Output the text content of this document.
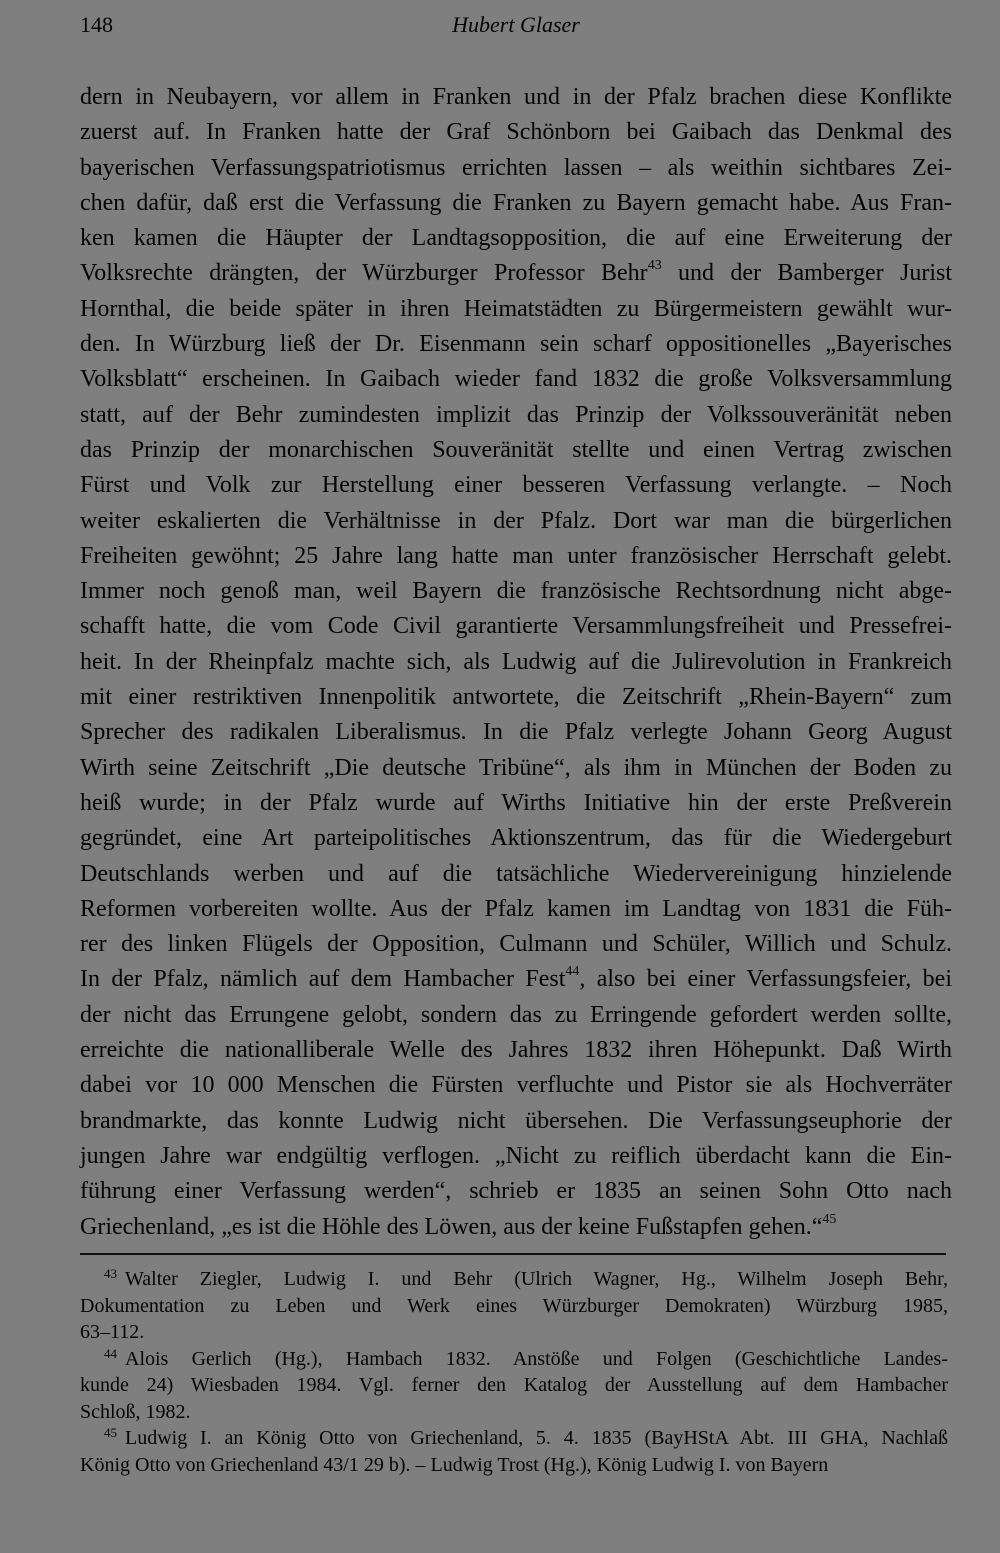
148	Hubert Glaser
dern in Neubayern, vor allem in Franken und in der Pfalz brachen diese Konflikte
zuerst auf. In Franken hatte der Graf Schönborn bei Gaibach das Denkmal des
bayerischen Verfassungspatriotismus errichten lassen – als weithin sichtbares Zei-
chen dafür, daß erst die Verfassung die Franken zu Bayern gemacht habe. Aus Fran-
ken kamen die Häupter der Landtagsopposition, die auf eine Erweiterung der
Volksrechte drängten, der Würzburger Professor Behr$^{43}$ und der Bamberger Jurist
Hornthal, die beide später in ihren Heimatstädten zu Bürgermeistern gewählt wur-
den. In Würzburg ließ der Dr. Eisenmann sein scharf oppositionelles „Bayerisches
Volksblatt“ erscheinen. In Gaibach wieder fand 1832 die große Volksversammlung
statt, auf der Behr zumindesten implizit das Prinzip der Volkssouveränität neben
das Prinzip der monarchischen Souveränität stellte und einen Vertrag zwischen
Fürst und Volk zur Herstellung einer besseren Verfassung verlangte. – Noch
weiter eskalierten die Verhältnisse in der Pfalz. Dort war man die bürgerlichen
Freiheiten gewöhnt; 25 Jahre lang hatte man unter französischer Herrschaft gelebt.
Immer noch genoß man, weil Bayern die französische Rechtsordnung nicht abge-
schafft hatte, die vom Code Civil garantierte Versammlungsfreiheit und Pressefrei-
heit. In der Rheinpfalz machte sich, als Ludwig auf die Julirevolution in Frankreich
mit einer restriktiven Innenpolitik antwortete, die Zeitschrift „Rhein-Bayern“ zum
Sprecher des radikalen Liberalismus. In die Pfalz verlegte Johann Georg August
Wirth seine Zeitschrift „Die deutsche Tribüne“, als ihm in München der Boden zu
heiß wurde; in der Pfalz wurde auf Wirths Initiative hin der erste Preßverein
gegründet, eine Art parteipolitisches Aktionszentrum, das für die Wiedergeburt
Deutschlands werben und auf die tatsächliche Wiedervereinigung hinzielende
Reformen vorbereiten wollte. Aus der Pfalz kamen im Landtag von 1831 die Füh-
rer des linken Flügels der Opposition, Culmann und Schüler, Willich und Schulz.
In der Pfalz, nämlich auf dem Hambacher Fest$^{44}$, also bei einer Verfassungsfeier, bei
der nicht das Errungene gelobt, sondern das zu Erringende gefordert werden sollte,
erreichte die nationalliberale Welle des Jahres 1832 ihren Höhepunkt. Daß Wirth
dabei vor 10 000 Menschen die Fürsten verfluchte und Pistor sie als Hochverräter
brandmarkte, das konnte Ludwig nicht übersehen. Die Verfassungseuphorie der
jungen Jahre war endgültig verflogen. „Nicht zu reiflich überdacht kann die Ein-
führung einer Verfassung werden“, schrieb er 1835 an seinen Sohn Otto nach
Griechenland, „es ist die Höhle des Löwen, aus der keine Fußstapfen gehen.“$^{45}$
$^{43}$ Walter Ziegler, Ludwig I. und Behr (Ulrich Wagner, Hg., Wilhelm Joseph Behr,
Dokumentation zu Leben und Werk eines Würzburger Demokraten) Würzburg 1985,
63–112.
$^{44}$ Alois Gerlich (Hg.), Hambach 1832. Anstöße und Folgen (Geschichtliche Landes-
kunde 24) Wiesbaden 1984. Vgl. ferner den Katalog der Ausstellung auf dem Hambacher
Schloß, 1982.
$^{45}$ Ludwig I. an König Otto von Griechenland, 5. 4. 1835 (BayHStA Abt. III GHA, Nachlaß
König Otto von Griechenland 43/1 29 b). – Ludwig Trost (Hg.), König Ludwig I. von Bayern
